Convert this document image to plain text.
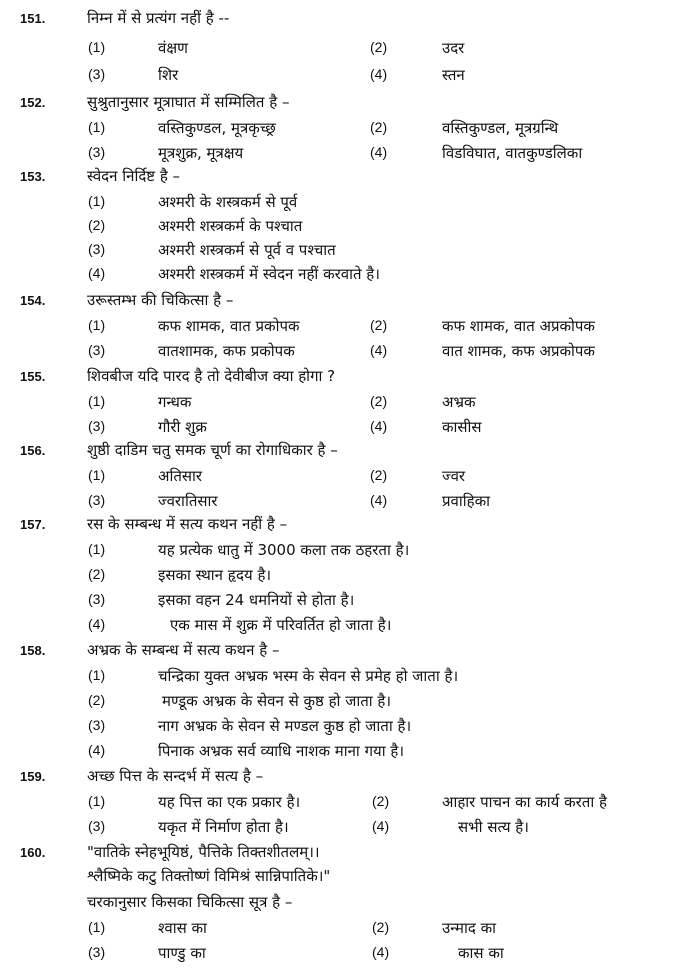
151.	निम्न में से प्रत्यंग नहीं है --
(1)	वंक्षण	(2)	उदर
(3)	शिर	(4)	स्तन
152.	सुश्रुतानुसार मूत्राघात में सम्मिलित है –
(1)	वस्तिकुण्डल, मूत्रकृच्छ्र	(2)	वस्तिकुण्डल, मूत्रग्रन्थि
(3)	मूत्रशुक्र, मूत्रक्षय	(4)	विडविघात, वातकुण्डलिका
153.	स्वेदन निर्दिष्ट है –
(1)	अश्मरी के शस्त्रकर्म से पूर्व
(2)	अश्मरी शस्त्रकर्म के पश्चात
(3)	अश्मरी शस्त्रकर्म से पूर्व व पश्चात
(4)	अश्मरी शस्त्रकर्म में स्वेदन नहीं करवाते है।
154.	उरूस्तम्भ की चिकित्सा है –
(1)	कफ शामक, वात प्रकोपक	(2)	कफ शामक, वात अप्रकोपक
(3)	वातशामक, कफ प्रकोपक	(4)	वात शामक, कफ अप्रकोपक
155.	शिवबीज यदि पारद है तो देवीबीज क्या होगा ?
(1)	गन्धक	(2)	अभ्रक
(3)	गौरी शुक्र	(4)	कासीस
156.	शुष्ठी दाडिम चतु समक चूर्ण का रोगाधिकार है –
(1)	अतिसार	(2)	ज्वर
(3)	ज्वरातिसार	(4)	प्रवाहिका
157.	रस के सम्बन्ध में सत्य कथन नहीं है –
(1)	यह प्रत्येक धातु में 3000 कला तक ठहरता है।
(2)	इसका स्थान हृदय है।
(3)	इसका वहन 24 धमनियों से होता है।
(4)	एक मास में शुक्र में परिवर्तित हो जाता है।
158.	अभ्रक के सम्बन्ध में सत्य कथन है –
(1)	चन्द्रिका युक्त अभ्रक भस्म के सेवन से प्रमेह हो जाता है।
(2)	मण्डूक अभ्रक के सेवन से कुष्ठ हो जाता है।
(3)	नाग अभ्रक के सेवन से मण्डल कुष्ठ हो जाता है।
(4)	पिनाक अभ्रक सर्व व्याधि नाशक माना गया है।
159.	अच्छ पित्त के सन्दर्भ में सत्य है –
(1)	यह पित्त का एक प्रकार है।	(2)	आहार पाचन का कार्य करता है
(3)	यकृत में निर्माण होता है।	(4)	सभी सत्य है।
160.	"वातिके स्नेहभूयिष्ठं, पैत्तिके तिक्तशीतलम्।।
श्लैष्मिके कटु तिक्तोष्णं विमिश्रं सान्निपातिके।"
चरकानुसार किसका चिकित्सा सूत्र है –
(1)	श्वास का	(2)	उन्माद का
(3)	पाण्डु का	(4)	कास का
